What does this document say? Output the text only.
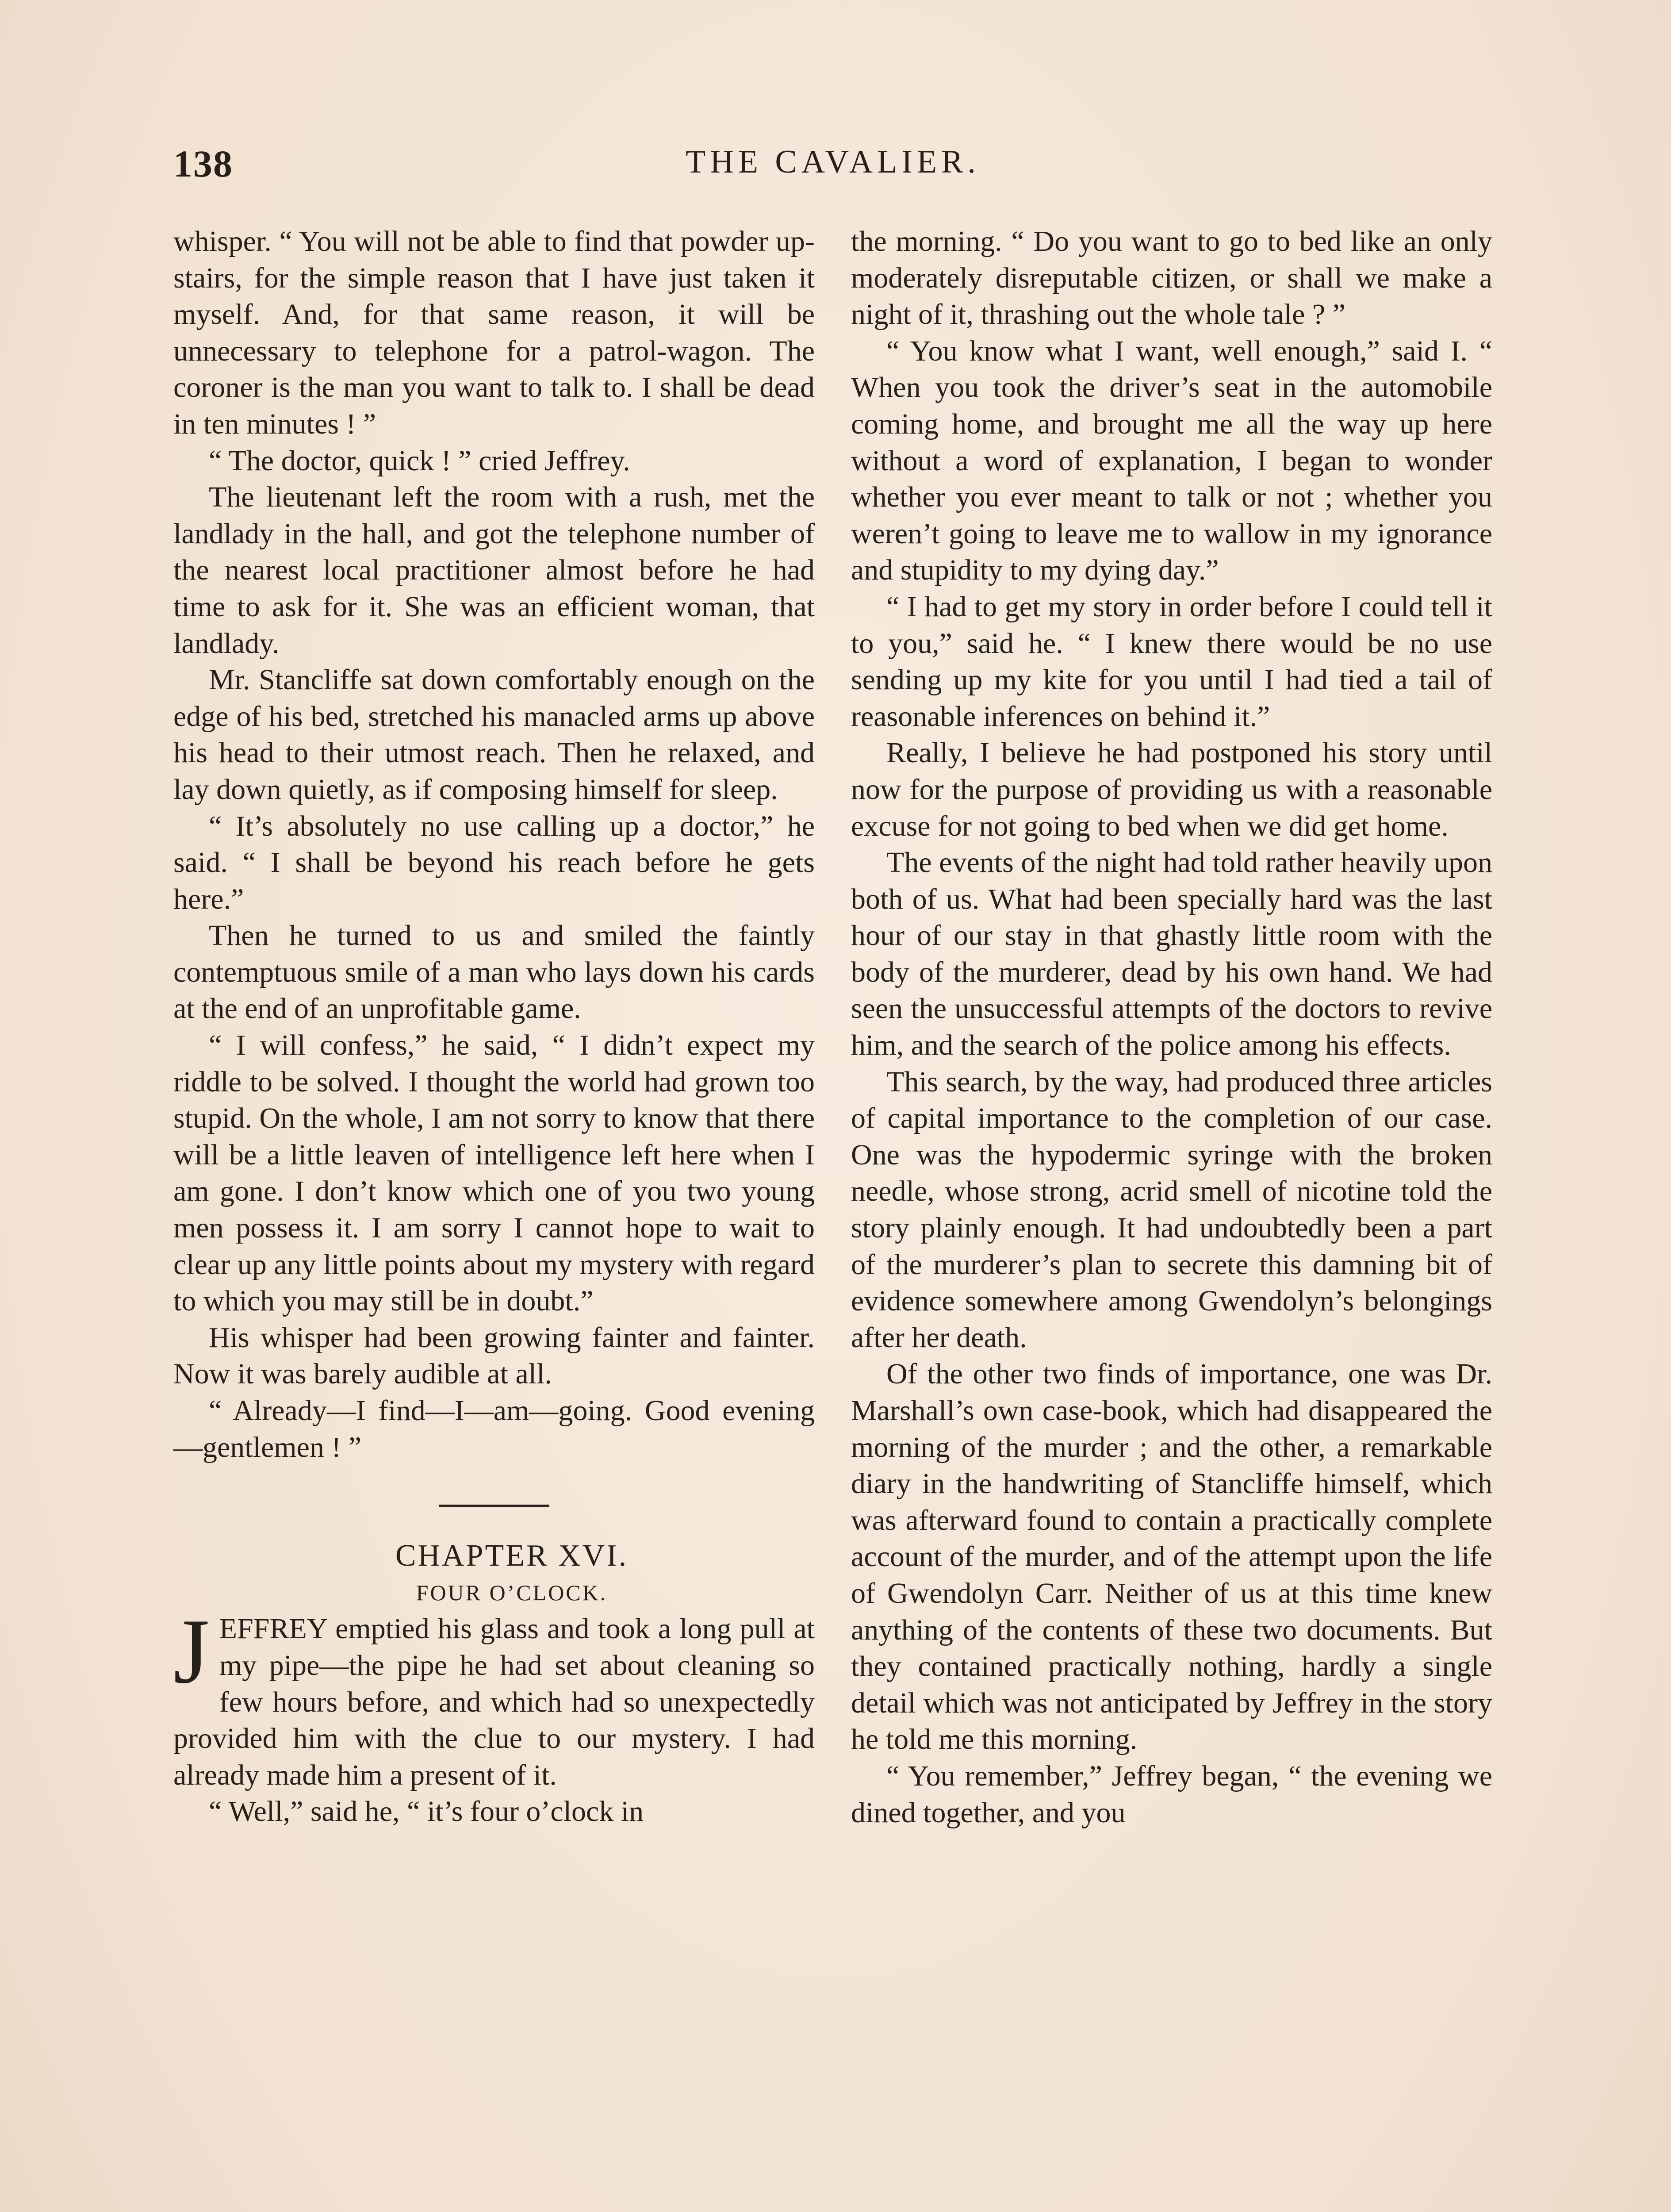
138	THE CAVALIER.

whisper. “ You will not be able to find that powder up-stairs, for the simple reason that I have just taken it myself. And, for that same reason, it will be unnecessary to telephone for a patrol-wagon. The coroner is the man you want to talk to. I shall be dead in ten minutes ! ”

“ The doctor, quick ! ” cried Jeffrey.

The lieutenant left the room with a rush, met the landlady in the hall, and got the telephone number of the nearest local practitioner almost before he had time to ask for it. She was an efficient woman, that landlady.

Mr. Stancliffe sat down comfortably enough on the edge of his bed, stretched his manacled arms up above his head to their utmost reach. Then he relaxed, and lay down quietly, as if composing himself for sleep.

“ It’s absolutely no use calling up a doctor,” he said. “ I shall be beyond his reach before he gets here.”

Then he turned to us and smiled the faintly contemptuous smile of a man who lays down his cards at the end of an unprofitable game.

“ I will confess,” he said, “ I didn’t expect my riddle to be solved. I thought the world had grown too stupid. On the whole, I am not sorry to know that there will be a little leaven of intelligence left here when I am gone. I don’t know which one of you two young men possess it. I am sorry I cannot hope to wait to clear up any little points about my mystery with regard to which you may still be in doubt.”

His whisper had been growing fainter and fainter. Now it was barely audible at all.

“ Already—I find—I—am—going. Good evening—gentlemen ! ”

CHAPTER XVI.

FOUR O’CLOCK.

JEFFREY emptied his glass and took a long pull at my pipe—the pipe he had set about cleaning so few hours before, and which had so unexpectedly provided him with the clue to our mystery. I had already made him a present of it.

“ Well,” said he, “ it’s four o’clock in

the morning. “ Do you want to go to bed like an only moderately disreputable citizen, or shall we make a night of it, thrashing out the whole tale ? ”

“ You know what I want, well enough,” said I. “ When you took the driver’s seat in the automobile coming home, and brought me all the way up here without a word of explanation, I began to wonder whether you ever meant to talk or not ; whether you weren’t going to leave me to wallow in my ignorance and stupidity to my dying day.”

“ I had to get my story in order before I could tell it to you,” said he. “ I knew there would be no use sending up my kite for you until I had tied a tail of reasonable inferences on behind it.”

Really, I believe he had postponed his story until now for the purpose of providing us with a reasonable excuse for not going to bed when we did get home.

The events of the night had told rather heavily upon both of us. What had been specially hard was the last hour of our stay in that ghastly little room with the body of the murderer, dead by his own hand. We had seen the unsuccessful attempts of the doctors to revive him, and the search of the police among his effects.

This search, by the way, had produced three articles of capital importance to the completion of our case. One was the hypodermic syringe with the broken needle, whose strong, acrid smell of nicotine told the story plainly enough. It had undoubtedly been a part of the murderer’s plan to secrete this damning bit of evidence somewhere among Gwendolyn’s belongings after her death.

Of the other two finds of importance, one was Dr. Marshall’s own case-book, which had disappeared the morning of the murder ; and the other, a remarkable diary in the handwriting of Stancliffe himself, which was afterward found to contain a practically complete account of the murder, and of the attempt upon the life of Gwendolyn Carr. Neither of us at this time knew anything of the contents of these two documents. But they contained practically nothing, hardly a single detail which was not anticipated by Jeffrey in the story he told me this morning.

“ You remember,” Jeffrey began, “ the evening we dined together, and you
